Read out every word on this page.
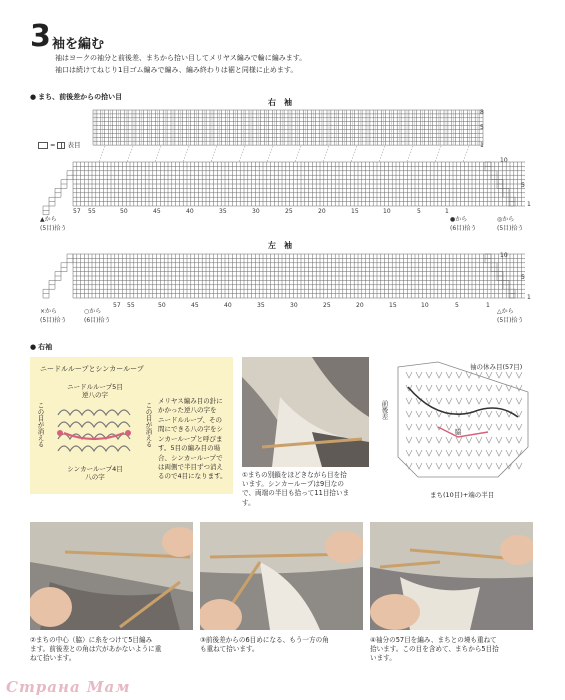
3 袖を編む
袖はヨークの袖分と前後差、まちから拾い目してメリヤス編みで輪に編みます。
袖口は続けてねじり1目ゴム編みで編み、編み終わりは裾と同様に止めます。
● まち、前後差からの拾い目
= 表目
右　袖
8
5
1
10
5
1
57 55	50	45	40	35	30	25	20	15	10	5	1
▲から
(5目)拾う
●から
(6目)拾う
◎から
(5目)拾う
左　袖
10
5
1
57 55	50	45	40	35	30	25	20	15	10	5	1
×から
(5目)拾う
○から
(6目)拾う
△から
(5目)拾う
● 右袖
ニードルループとシンカーループ
ニードルループ5目
逆八の字
この目が消える	この目が消える
シンカーループ4目
八の字
メリヤス編み目の針に
かかった逆八の字を
ニードルループ、その
間にできる八の字をシ
ンカーループと呼びま
す。5目の編み目の場
合、シンカーループで
は両側で半目ずつ消え
るので4目になります。 ①まちの別鎖をほどきながら目を拾
います。シンカーループは9目なの
で、両端の半目も拾って11目拾いま
す。
袖の休み目(57目)
前後差
脇
まち(10目)+端の半目
②まちの中心（脇）に糸をつけて5目編み
ます。前後差との角は穴があかないように重
ねて拾います。
③前後差からの6目めになる、もう一方の角
も重ねて拾います。
④袖分の57目を編み、まちとの境も重ねて
拾います。この目を含めて、まちから5目拾
います。
Страна Мам
